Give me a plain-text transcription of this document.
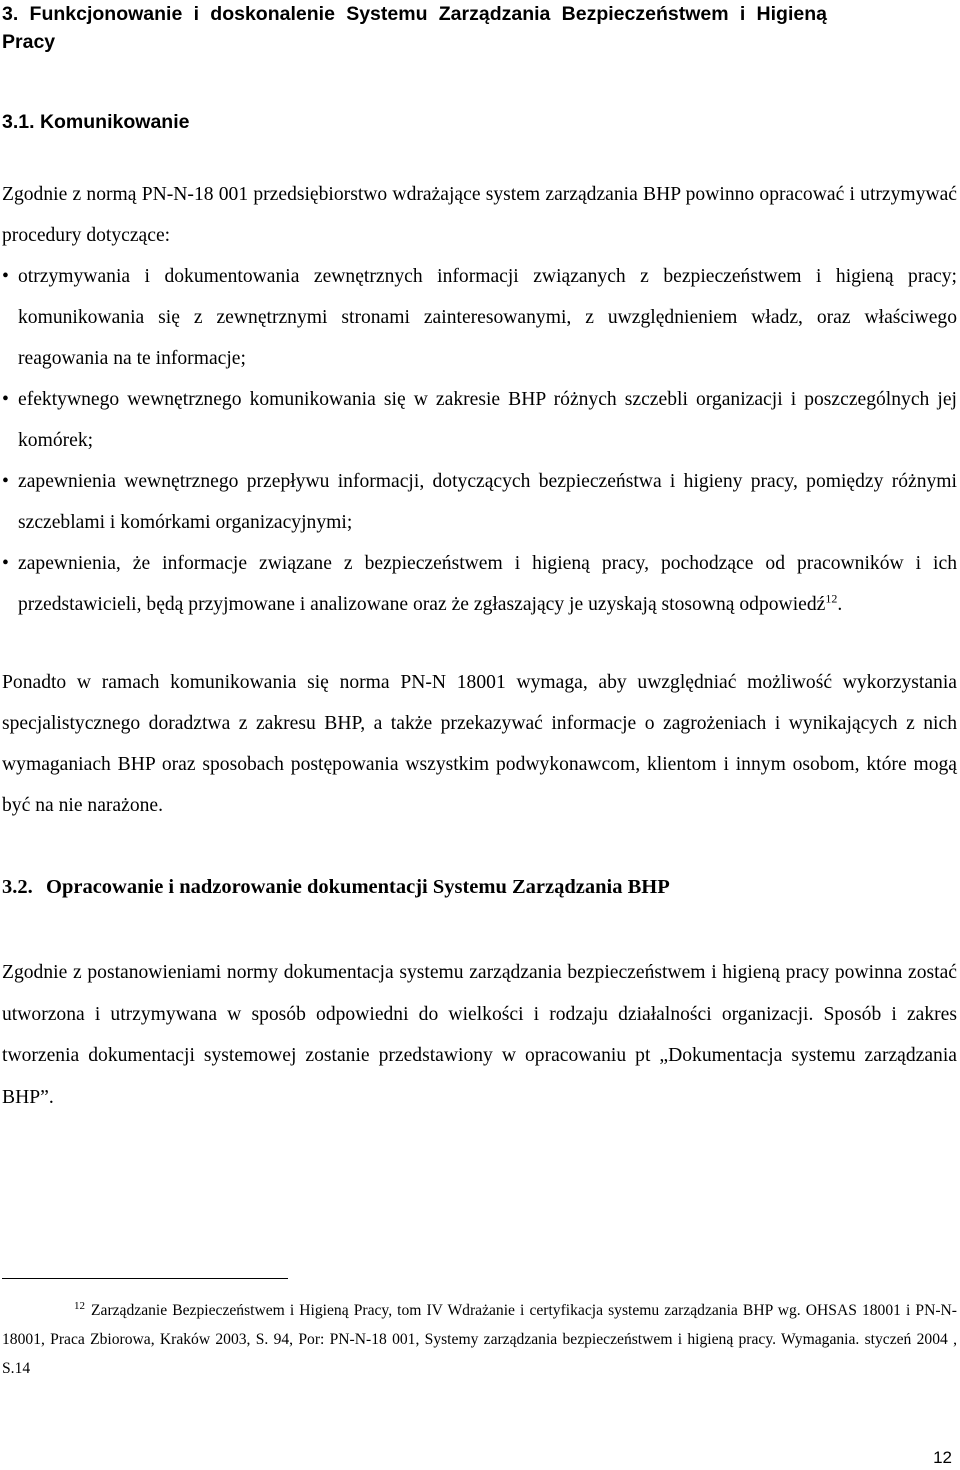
3. Funkcjonowanie i doskonalenie Systemu Zarządzania Bezpieczeństwem i Higieną Pracy
3.1. Komunikowanie
Zgodnie z normą PN-N-18 001 przedsiębiorstwo wdrażające system zarządzania BHP powinno opracować i utrzymywać procedury dotyczące:
• otrzymywania i dokumentowania zewnętrznych informacji związanych z bezpieczeństwem i higieną pracy; komunikowania się z zewnętrznymi stronami zainteresowanymi, z uwzględnieniem władz, oraz właściwego reagowania na te informacje;
• efektywnego wewnętrznego komunikowania się w zakresie BHP różnych szczebli organizacji i poszczególnych jej komórek;
• zapewnienia wewnętrznego przepływu informacji, dotyczących bezpieczeństwa i higieny pracy, pomiędzy różnymi szczeblami i komórkami organizacyjnymi;
• zapewnienia, że informacje związane z bezpieczeństwem i higieną pracy, pochodzące od pracowników i ich przedstawicieli, będą przyjmowane i analizowane oraz że zgłaszający je uzyskają stosowną odpowiedź$^{12}$.
Ponadto w ramach komunikowania się norma PN-N 18001 wymaga, aby uwzględniać możliwość wykorzystania specjalistycznego doradztwa z zakresu BHP, a także przekazywać informacje o zagrożeniach i wynikających z nich wymaganiach BHP oraz sposobach postępowania wszystkim podwykonawcom, klientom i innym osobom, które mogą być na nie narażone.
3.2. Opracowanie i nadzorowanie dokumentacji Systemu Zarządzania BHP
Zgodnie z postanowieniami normy dokumentacja systemu zarządzania bezpieczeństwem i higieną pracy powinna zostać utworzona i utrzymywana w sposób odpowiedni do wielkości i rodzaju działalności organizacji. Sposób i zakres tworzenia dokumentacji systemowej zostanie przedstawiony w opracowaniu pt „Dokumentacja systemu zarządzania BHP”.
$^{12}$ Zarządzanie Bezpieczeństwem i Higieną Pracy, tom IV Wdrażanie i certyfikacja systemu zarządzania BHP wg. OHSAS 18001 i PN-N-18001, Praca Zbiorowa, Kraków 2003, S. 94, Por: PN-N-18 001, Systemy zarządzania bezpieczeństwem i higieną pracy. Wymagania. styczeń 2004 , S.14
12
